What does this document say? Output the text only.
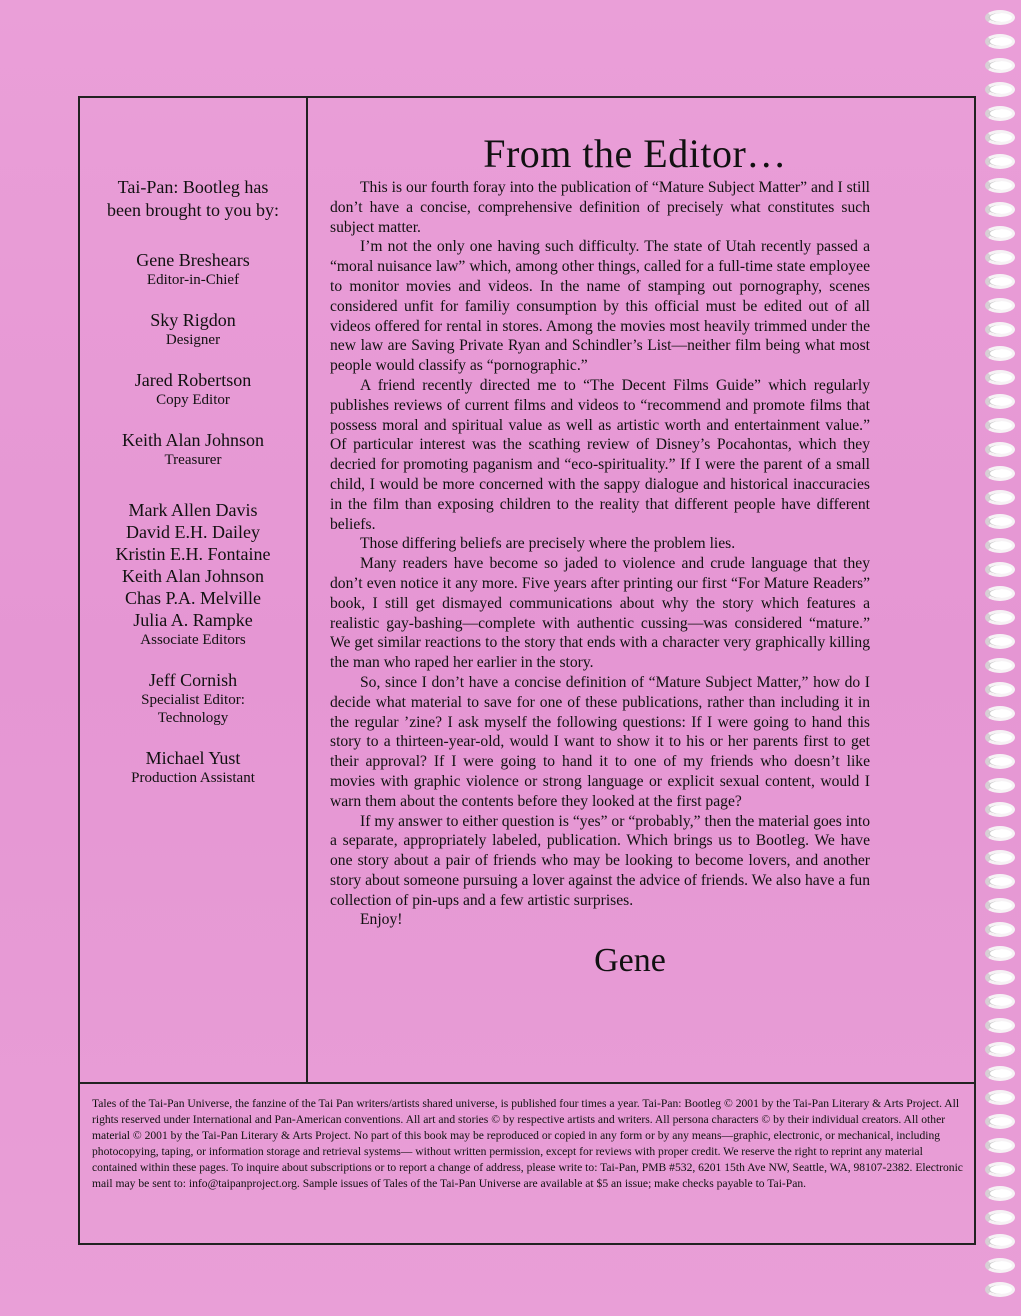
Tai-Pan: Bootleg has been brought to you by:
Gene Breshears
Editor-in-Chief
Sky Rigdon
Designer
Jared Robertson
Copy Editor
Keith Alan Johnson
Treasurer
Mark Allen Davis
David E.H. Dailey
Kristin E.H. Fontaine
Keith Alan Johnson
Chas P.A. Melville
Julia A. Rampke
Associate Editors
Jeff Cornish
Specialist Editor:
Technology
Michael Yust
Production Assistant
From the Editor…

This is our fourth foray into the publication of “Mature Subject Matter” and I still don’t have a concise, comprehensive definition of precisely what constitutes such subject matter.

I’m not the only one having such difficulty. The state of Utah recently passed a “moral nuisance law” which, among other things, called for a full-time state employee to monitor movies and videos. In the name of stamping out pornography, scenes considered unfit for familiy consumption by this official must be edited out of all videos offered for rental in stores. Among the movies most heavily trimmed under the new law are Saving Private Ryan and Schindler’s List—neither film being what most people would classify as “pornographic.”

A friend recently directed me to “The Decent Films Guide” which regularly publishes reviews of current films and videos to “recommend and promote films that possess moral and spiritual value as well as artistic worth and entertainment value.” Of particular interest was the scathing review of Disney’s Pocahontas, which they decried for promoting paganism and “eco-spirituality.” If I were the parent of a small child, I would be more concerned with the sappy dialogue and historical inaccuracies in the film than exposing children to the reality that different people have different beliefs.

Those differing beliefs are precisely where the problem lies.

Many readers have become so jaded to violence and crude language that they don’t even notice it any more. Five years after printing our first “For Mature Readers” book, I still get dismayed communications about why the story which features a realistic gay-bashing—complete with authentic cussing—was considered “mature.” We get similar reactions to the story that ends with a character very graphically killing the man who raped her earlier in the story.

So, since I don’t have a concise definition of “Mature Subject Matter,” how do I decide what material to save for one of these publications, rather than including it in the regular ’zine? I ask myself the following questions: If I were going to hand this story to a thirteen-year-old, would I want to show it to his or her parents first to get their approval? If I were going to hand it to one of my friends who doesn’t like movies with graphic violence or strong language or explicit sexual content, would I warn them about the contents before they looked at the first page?

If my answer to either question is “yes” or “probably,” then the material goes into a separate, appropriately labeled, publication. Which brings us to Bootleg. We have one story about a pair of friends who may be looking to become lovers, and another story about someone pursuing a lover against the advice of friends. We also have a fun collection of pin-ups and a few artistic surprises.

Enjoy!

Gene
Tales of the Tai-Pan Universe, the fanzine of the Tai Pan writers/artists shared universe, is published four times a year. Tai-Pan: Bootleg © 2001 by the Tai-Pan Literary & Arts Project. All rights reserved under International and Pan-American conventions. All art and stories © by respective artists and writers. All persona characters © by their individual creators. All other material © 2001 by the Tai-Pan Literary & Arts Project. No part of this book may be reproduced or copied in any form or by any means—graphic, electronic, or mechanical, including photocopying, taping, or information storage and retrieval systems— without written permission, except for reviews with proper credit. We reserve the right to reprint any material contained within these pages. To inquire about subscriptions or to report a change of address, please write to: Tai-Pan, PMB #532, 6201 15th Ave NW, Seattle, WA, 98107-2382. Electronic mail may be sent to: info@taipanproject.org. Sample issues of Tales of the Tai-Pan Universe are available at $5 an issue; make checks payable to Tai-Pan.
